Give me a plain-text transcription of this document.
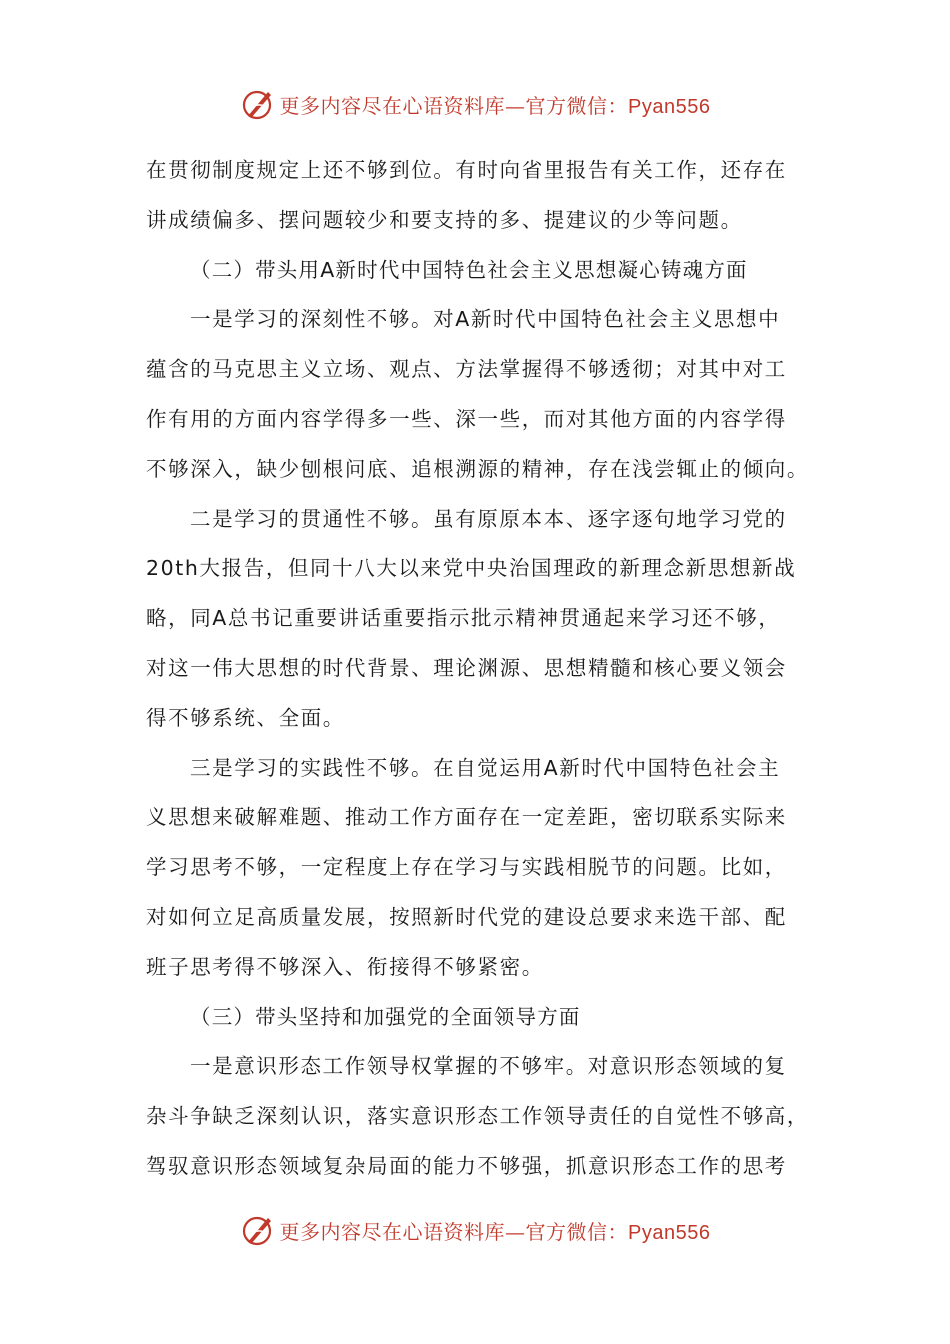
更多内容尽在心语资料库—官方微信：Pyan556
在贯彻制度规定上还不够到位。有时向省里报告有关工作，还存在
讲成绩偏多、摆问题较少和要支持的多、提建议的少等问题。
（二）带头用A新时代中国特色社会主义思想凝心铸魂方面
一是学习的深刻性不够。对A新时代中国特色社会主义思想中
蕴含的马克思主义立场、观点、方法掌握得不够透彻；对其中对工
作有用的方面内容学得多一些、深一些，而对其他方面的内容学得
不够深入，缺少刨根问底、追根溯源的精神，存在浅尝辄止的倾向。
二是学习的贯通性不够。虽有原原本本、逐字逐句地学习党的
20th大报告，但同十八大以来党中央治国理政的新理念新思想新战
略，同A总书记重要讲话重要指示批示精神贯通起来学习还不够，
对这一伟大思想的时代背景、理论渊源、思想精髓和核心要义领会
得不够系统、全面。
三是学习的实践性不够。在自觉运用A新时代中国特色社会主
义思想来破解难题、推动工作方面存在一定差距，密切联系实际来
学习思考不够，一定程度上存在学习与实践相脱节的问题。比如，
对如何立足高质量发展，按照新时代党的建设总要求来选干部、配
班子思考得不够深入、衔接得不够紧密。
（三）带头坚持和加强党的全面领导方面
一是意识形态工作领导权掌握的不够牢。对意识形态领域的复
杂斗争缺乏深刻认识，落实意识形态工作领导责任的自觉性不够高，
驾驭意识形态领域复杂局面的能力不够强，抓意识形态工作的思考
更多内容尽在心语资料库—官方微信：Pyan556
